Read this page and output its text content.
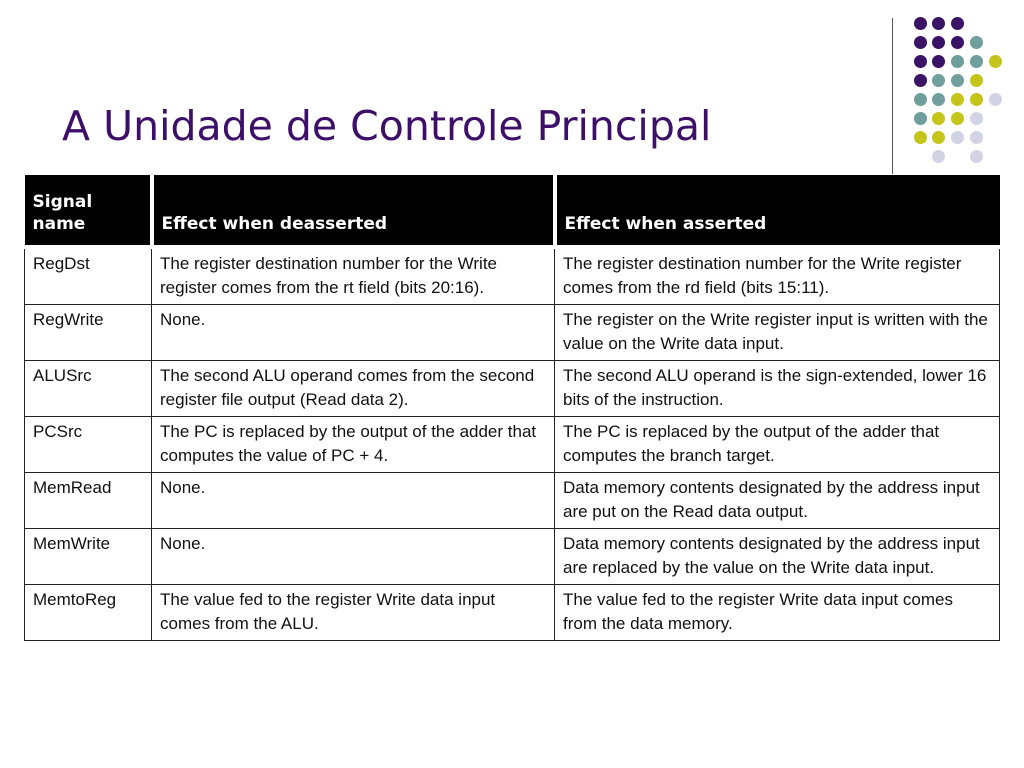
A Unidade de Controle Principal
Signal name	Effect when deasserted	Effect when asserted
RegDst	The register destination number for the Write register comes from the rt field (bits 20:16).	The register destination number for the Write register comes from the rd field (bits 15:11).
RegWrite	None.	The register on the Write register input is written with the value on the Write data input.
ALUSrc	The second ALU operand comes from the second register file output (Read data 2).	The second ALU operand is the sign-extended, lower 16 bits of the instruction.
PCSrc	The PC is replaced by the output of the adder that computes the value of PC + 4.	The PC is replaced by the output of the adder that computes the branch target.
MemRead	None.	Data memory contents designated by the address input are put on the Read data output.
MemWrite	None.	Data memory contents designated by the address input are replaced by the value on the Write data input.
MemtoReg	The value fed to the register Write data input comes from the ALU.	The value fed to the register Write data input comes from the data memory.
